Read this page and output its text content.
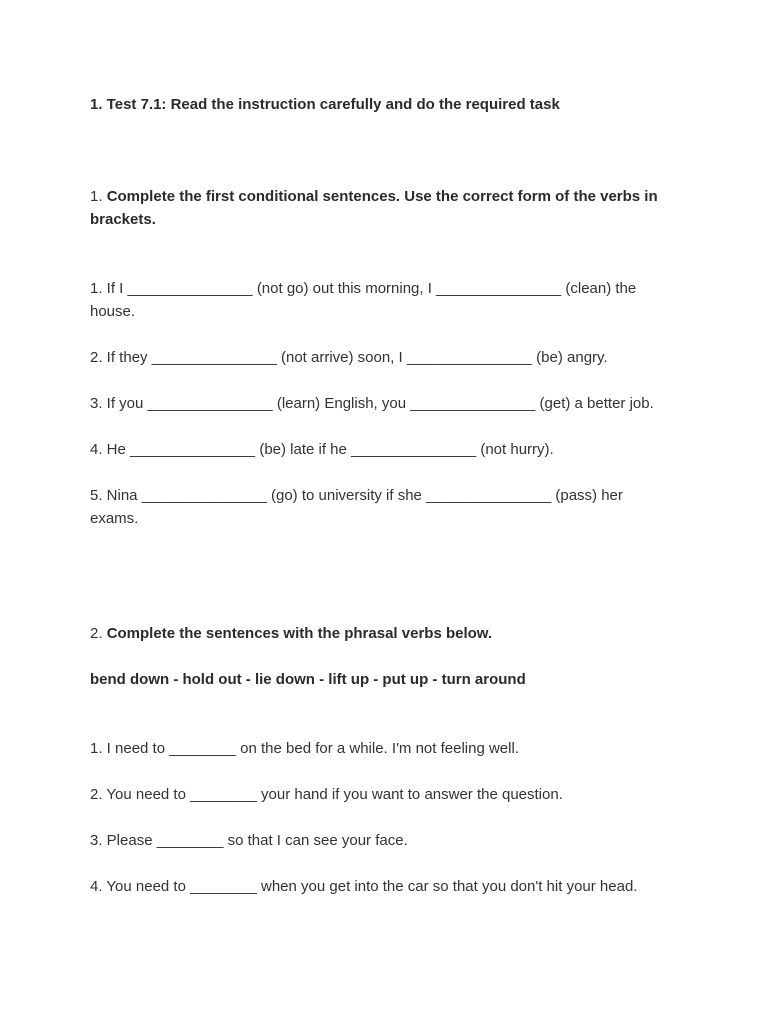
1. Test 7.1: Read the instruction carefully and do the required task

1. Complete the first conditional sentences. Use the correct form of the verbs in brackets.

1. If I _______________ (not go) out this morning, I _______________ (clean) the house.

2. If they _______________ (not arrive) soon, I _______________ (be) angry.

3. If you _______________ (learn) English, you _______________ (get) a better job.

4. He _______________ (be) late if he _______________ (not hurry).

5. Nina _______________ (go) to university if she _______________ (pass) her exams.

2. Complete the sentences with the phrasal verbs below.

bend down - hold out - lie down - lift up - put up - turn around

1. I need to ________ on the bed for a while. I'm not feeling well.

2. You need to ________ your hand if you want to answer the question.

3. Please ________ so that I can see your face.

4. You need to ________ when you get into the car so that you don't hit your head.
